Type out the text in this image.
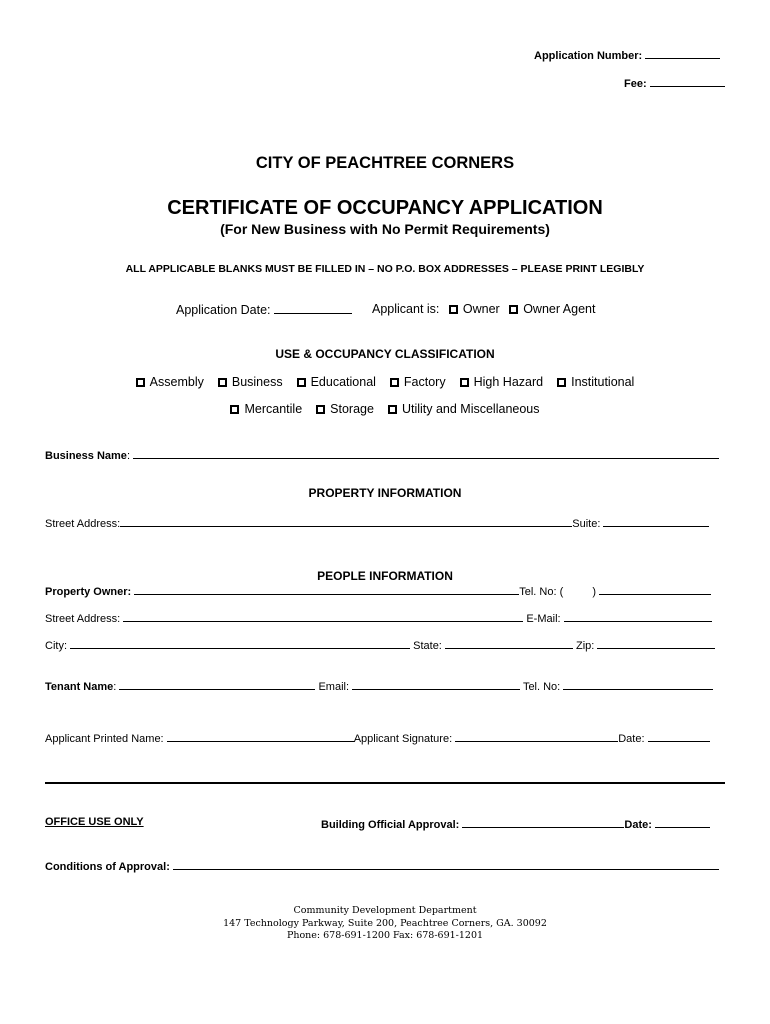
Application Number:
Fee:
CITY OF PEACHTREE CORNERS
CERTIFICATE OF OCCUPANCY APPLICATION
(For New Business with No Permit Requirements)
ALL APPLICABLE BLANKS MUST BE FILLED IN – NO P.O. BOX ADDRESSES – PLEASE PRINT LEGIBLY
Application Date:	Applicant is: Owner Owner Agent
USE & OCCUPANCY CLASSIFICATION
Assembly	Business	Educational	Factory	High Hazard	Institutional
Mercantile	Storage	Utility and Miscellaneous
Business Name:
PROPERTY INFORMATION
Street Address:	Suite:
PEOPLE INFORMATION
Property Owner:	Tel. No: (	)
Street Address:	E-Mail:
City:	State:	Zip:
Tenant Name:	Email:	Tel. No:
Applicant Printed Name:	Applicant Signature:	Date:
OFFICE USE ONLY	Building Official Approval:	Date:
Conditions of Approval:
Community Development Department
147 Technology Parkway, Suite 200, Peachtree Corners, GA. 30092
Phone: 678-691-1200 Fax: 678-691-1201
